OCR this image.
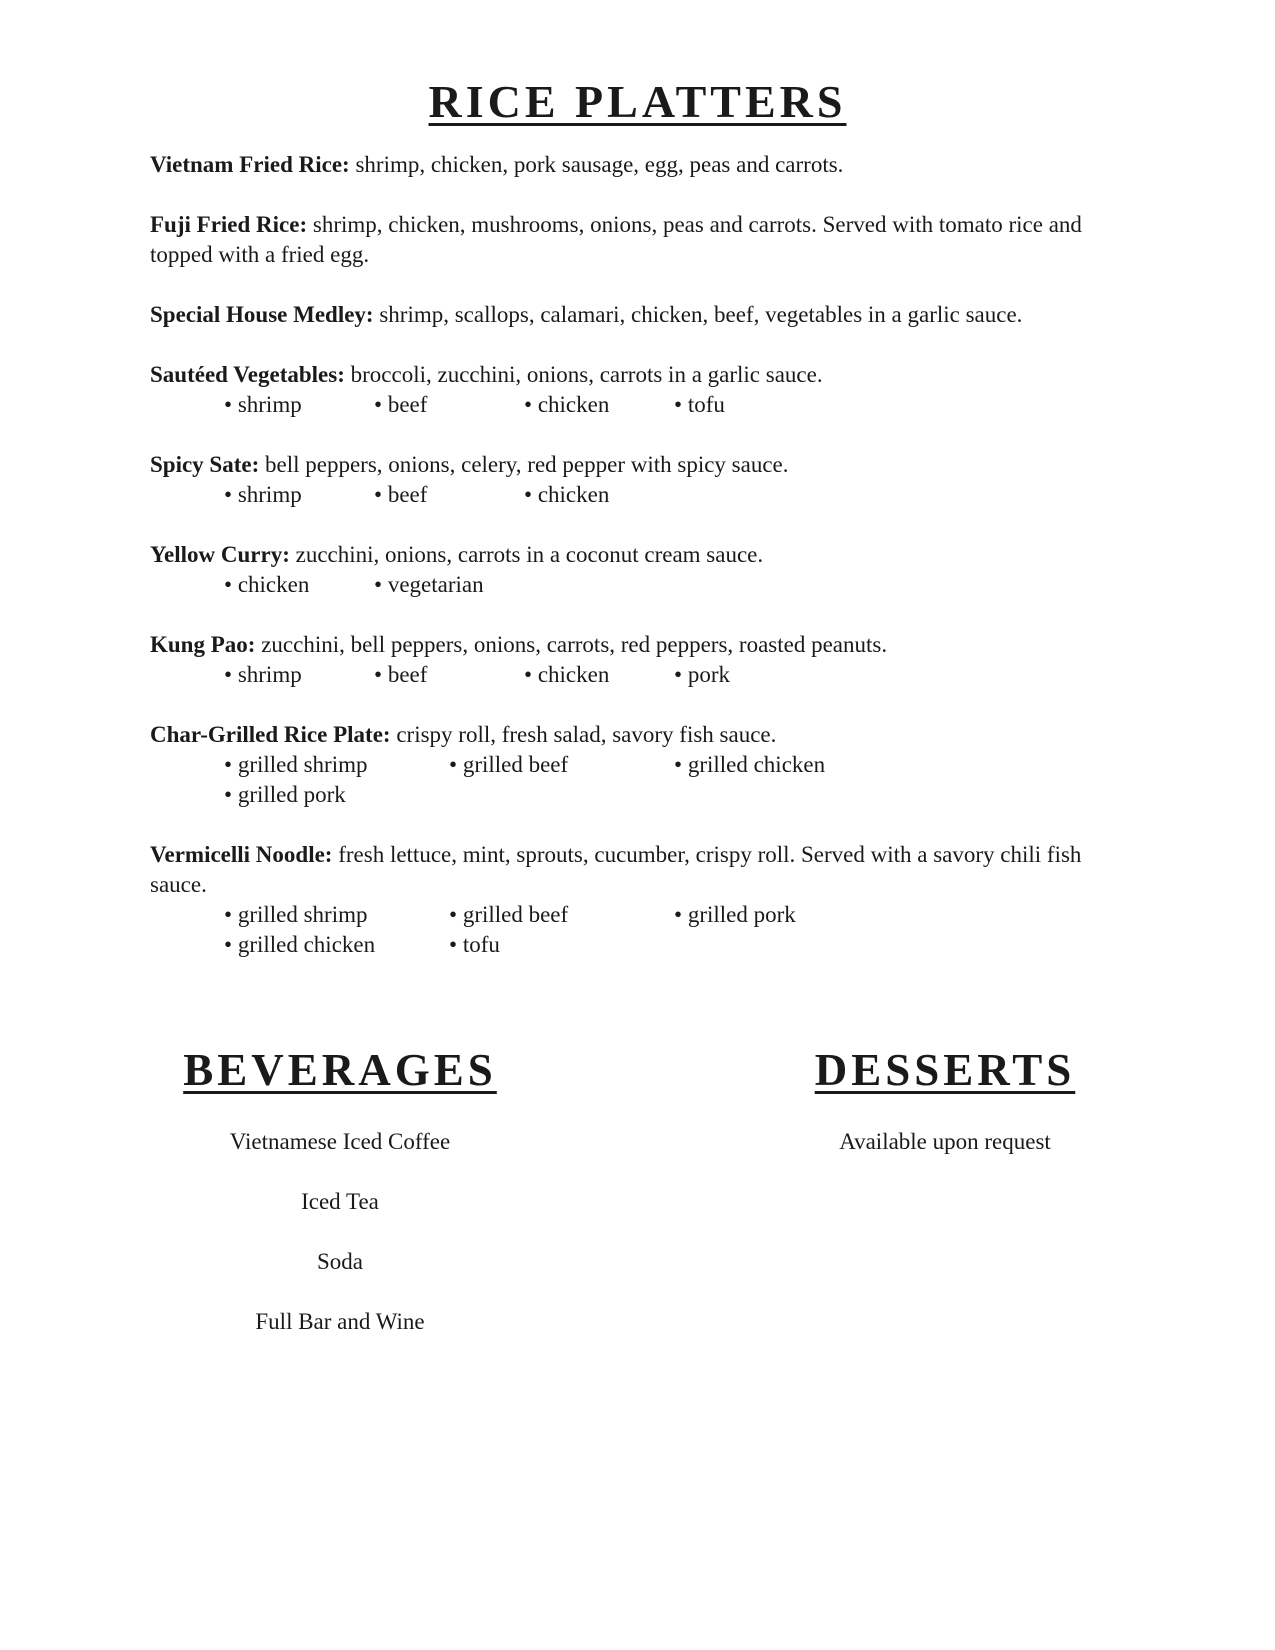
RICE PLATTERS
Vietnam Fried Rice: shrimp, chicken, pork sausage, egg, peas and carrots.
Fuji Fried Rice: shrimp, chicken, mushrooms, onions, peas and carrots. Served with tomato rice and topped with a fried egg.
Special House Medley: shrimp, scallops, calamari, chicken, beef, vegetables in a garlic sauce.
Sautéed Vegetables: broccoli, zucchini, onions, carrots in a garlic sauce.
• shrimp	• beef	• chicken	• tofu
Spicy Sate: bell peppers, onions, celery, red pepper with spicy sauce.
• shrimp	• beef	• chicken
Yellow Curry: zucchini, onions, carrots in a coconut cream sauce.
• chicken	• vegetarian
Kung Pao: zucchini, bell peppers, onions, carrots, red peppers, roasted peanuts.
• shrimp	• beef	• chicken	• pork
Char-Grilled Rice Plate: crispy roll, fresh salad, savory fish sauce.
• grilled shrimp	• grilled beef	• grilled chicken
• grilled pork
Vermicelli Noodle: fresh lettuce, mint, sprouts, cucumber, crispy roll. Served with a savory chili fish sauce.
• grilled shrimp	• grilled beef	• grilled pork
• grilled chicken	• tofu
BEVERAGES
Vietnamese Iced Coffee
Iced Tea
Soda
Full Bar and Wine
DESSERTS
Available upon request
